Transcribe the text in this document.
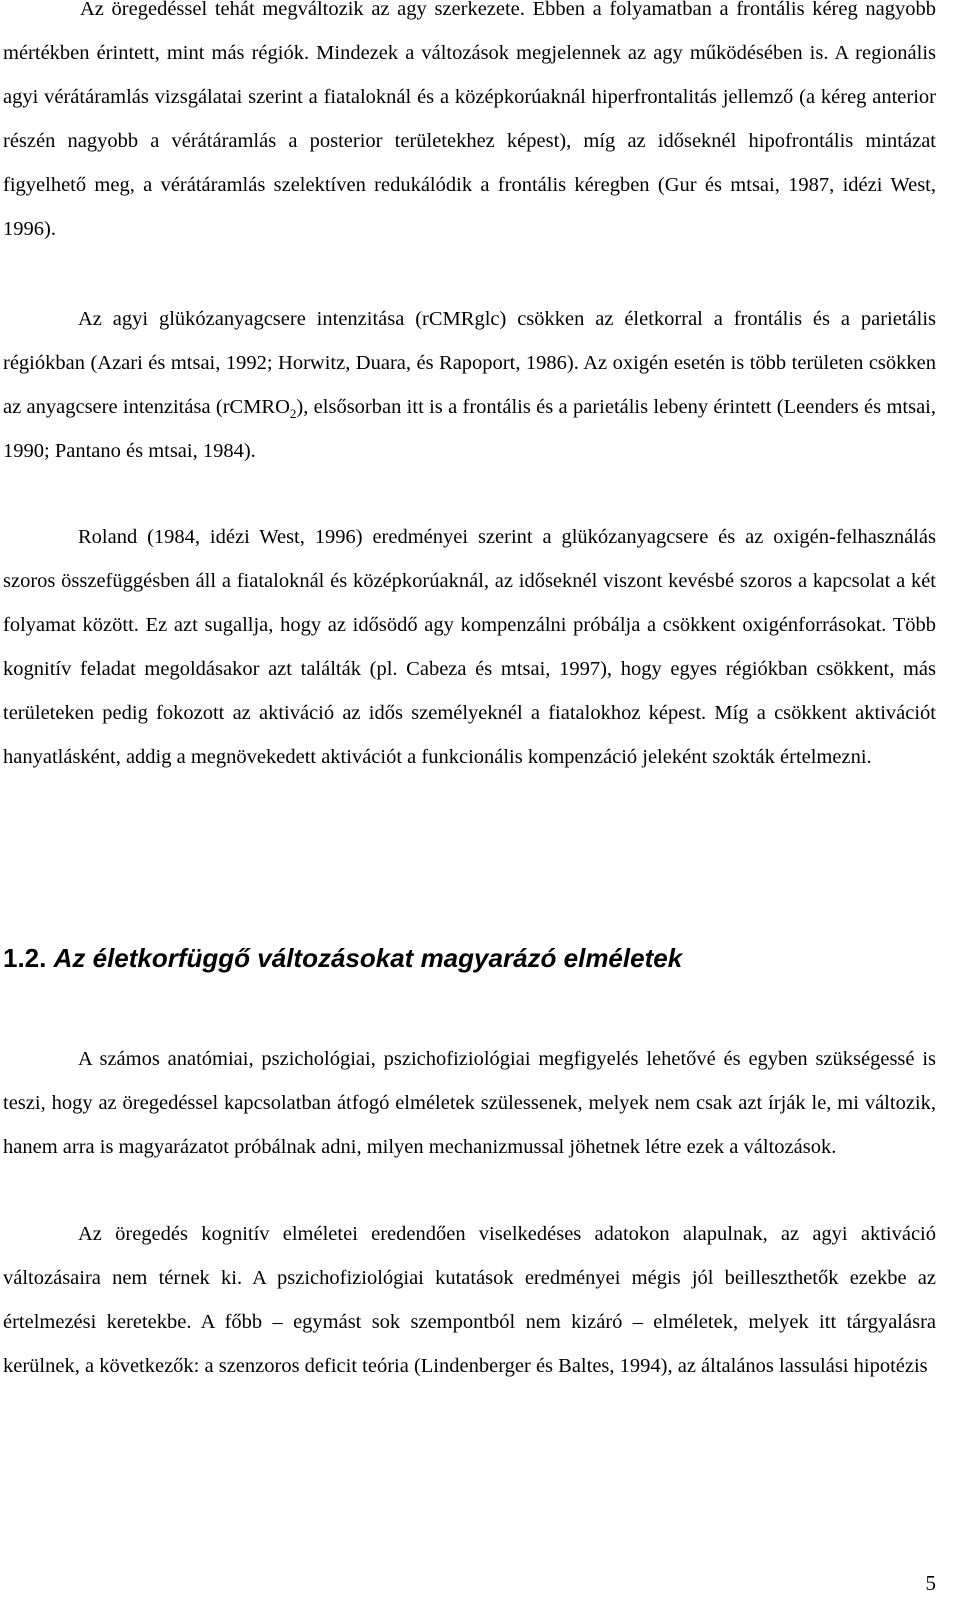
Az öregedéssel tehát megváltozik az agy szerkezete. Ebben a folyamatban a frontális kéreg nagyobb mértékben érintett, mint más régiók. Mindezek a változások megjelennek az agy működésében is. A regionális agyi vérátáramlás vizsgálatai szerint a fiataloknál és a középkorúaknál hiperfrontalitás jellemző (a kéreg anterior részén nagyobb a vérátáramlás a posterior területekhez képest), míg az időseknél hipofrontális mintázat figyelhető meg, a vérátáramlás szelektíven redukálódik a frontális kéregben (Gur és mtsai, 1987, idézi West, 1996).

Az agyi glükózanyagcsere intenzitása (rCMRglc) csökken az életkorral a frontális és a parietális régiókban (Azari és mtsai, 1992; Horwitz, Duara, és Rapoport, 1986). Az oxigén esetén is több területen csökken az anyagcsere intenzitása (rCMRO$_2$), elsősorban itt is a frontális és a parietális lebeny érintett (Leenders és mtsai, 1990; Pantano és mtsai, 1984).

Roland (1984, idézi West, 1996) eredményei szerint a glükózanyagcsere és az oxigén-felhasználás szoros összefüggésben áll a fiataloknál és középkorúaknál, az időseknél viszont kevésbé szoros a kapcsolat a két folyamat között. Ez azt sugallja, hogy az idősödő agy kompenzálni próbálja a csökkent oxigénforrásokat. Több kognitív feladat megoldásakor azt találták (pl. Cabeza és mtsai, 1997), hogy egyes régiókban csökkent, más területeken pedig fokozott az aktiváció az idős személyeknél a fiatalokhoz képest. Míg a csökkent aktivációt hanyatlásként, addig a megnövekedett aktivációt a funkcionális kompenzáció jeleként szokták értelmezni.

1.2. Az életkorfüggő változásokat magyarázó elméletek

A számos anatómiai, pszichológiai, pszichofiziológiai megfigyelés lehetővé és egyben szükségessé is teszi, hogy az öregedéssel kapcsolatban átfogó elméletek szülessenek, melyek nem csak azt írják le, mi változik, hanem arra is magyarázatot próbálnak adni, milyen mechanizmussal jöhetnek létre ezek a változások.

Az öregedés kognitív elméletei eredendően viselkedéses adatokon alapulnak, az agyi aktiváció változásaira nem térnek ki. A pszichofiziológiai kutatások eredményei mégis jól beilleszthetők ezekbe az értelmezési keretekbe. A főbb – egymást sok szempontból nem kizáró – elméletek, melyek itt tárgyalásra kerülnek, a következők: a szenzoros deficit teória (Lindenberger és Baltes, 1994), az általános lassulási hipotézis

5
